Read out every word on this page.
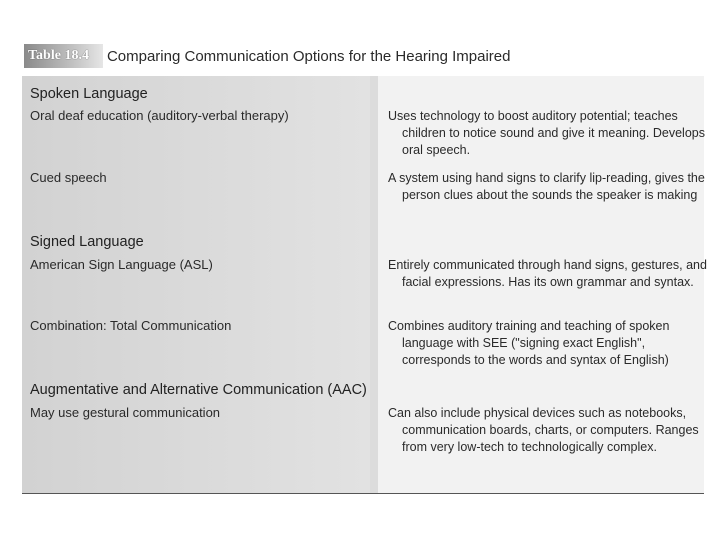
Table 18.4	Comparing Communication Options for the Hearing Impaired
Spoken Language
Oral deaf education (auditory-verbal therapy)
Cued speech
Signed Language
American Sign Language (ASL)
Combination: Total Communication
Augmentative and Alternative Communication (AAC)
May use gestural communication
Uses technology to boost auditory potential; teaches children to notice sound and give it meaning. Develops oral speech.
A system using hand signs to clarify lip-reading, gives the person clues about the sounds the speaker is making
Entirely communicated through hand signs, gestures, and facial expressions. Has its own grammar and syntax.
Combines auditory training and teaching of spoken language with SEE ("signing exact English", corresponds to the words and syntax of English)
Can also include physical devices such as notebooks, communication boards, charts, or computers. Ranges from very low-tech to technologically complex.
